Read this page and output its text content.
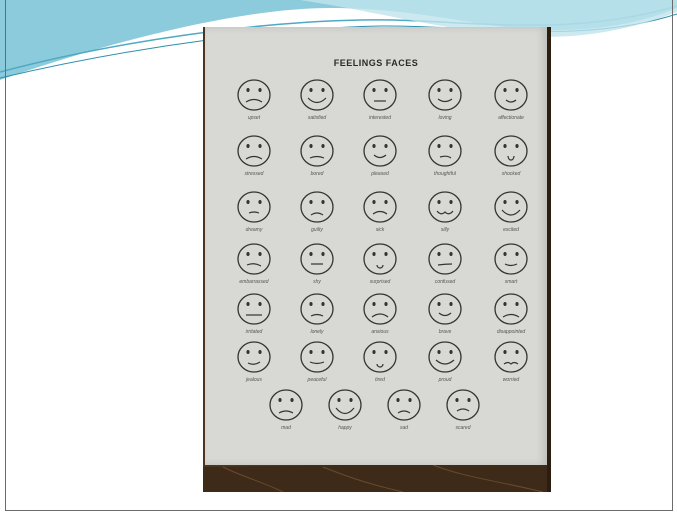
FEELINGS FACES
upset	satisfied	interested	loving	affectionate
stressed	bored	pleased	thoughtful	shocked
dreamy	guilty	sick	silly	excited
embarrassed	shy	surprised	confused	smart
irritated	lonely	anxious	brave	disappointed
jealous	peaceful	tired	proud	worried
mad	happy	sad	scared
